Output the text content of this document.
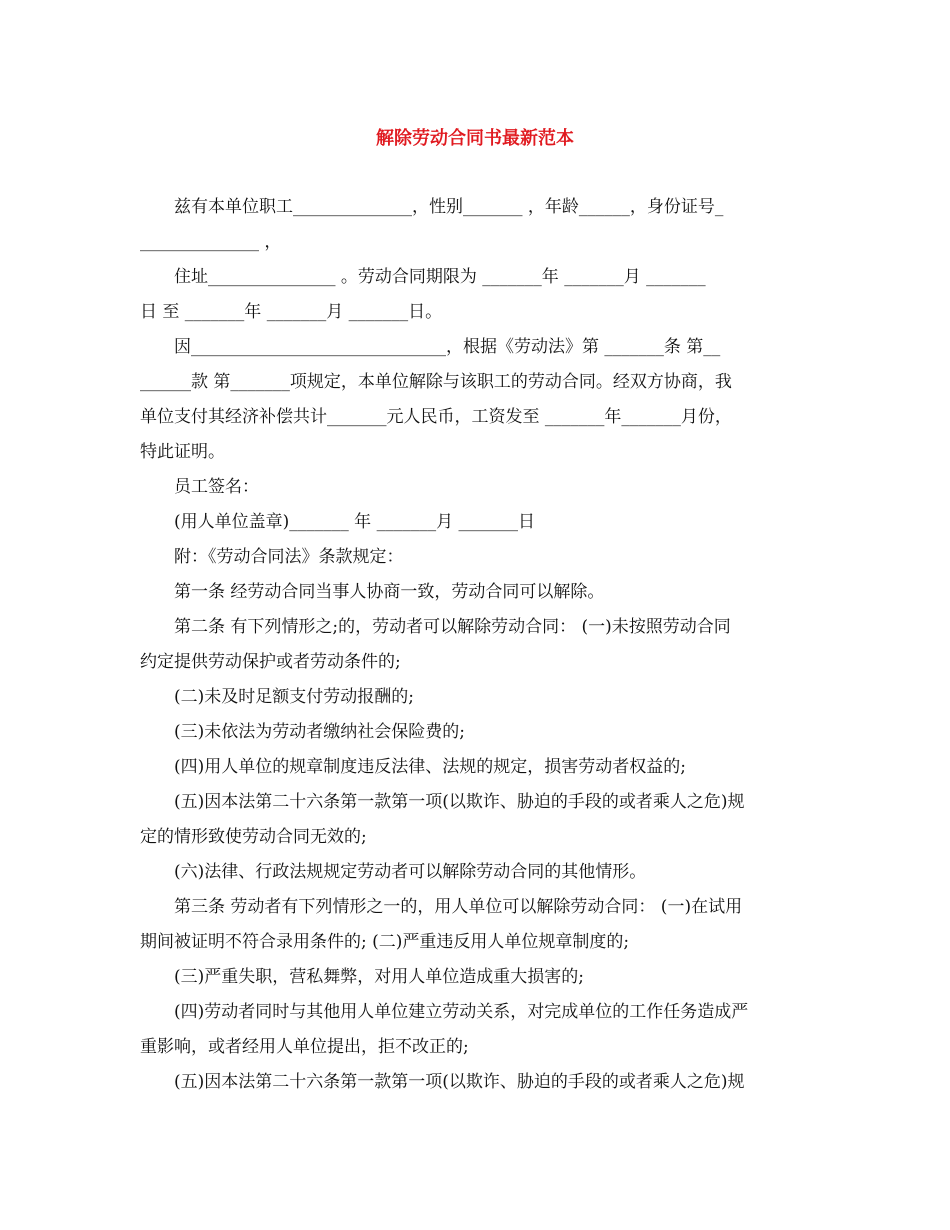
解除劳动合同书最新范本
兹有本单位职工______________，性别_______ ，年龄______，身份证号_
______________ ，
住址_______________ 。劳动合同期限为 _______年 _______月 _______
日 至 _______年 _______月 _______日。
因______________________________，根据《劳动法》第 _______条 第__
______款 第_______项规定，本单位解除与该职工的劳动合同。经双方协商，我
单位支付其经济补偿共计_______元人民币，工资发至 _______年_______月份，
特此证明。
员工签名：
(用人单位盖章)_______ 年 _______月 _______日
附：《劳动合同法》条款规定：
第一条 经劳动合同当事人协商一致，劳动合同可以解除。
第二条 有下列情形之;的，劳动者可以解除劳动合同： (一)未按照劳动合同
约定提供劳动保护或者劳动条件的;
(二)未及时足额支付劳动报酬的;
(三)未依法为劳动者缴纳社会保险费的;
(四)用人单位的规章制度违反法律、法规的规定，损害劳动者权益的;
(五)因本法第二十六条第一款第一项(以欺诈、胁迫的手段的或者乘人之危)规
定的情形致使劳动合同无效的;
(六)法律、行政法规规定劳动者可以解除劳动合同的其他情形。
第三条 劳动者有下列情形之一的，用人单位可以解除劳动合同： (一)在试用
期间被证明不符合录用条件的; (二)严重违反用人单位规章制度的;
(三)严重失职，营私舞弊，对用人单位造成重大损害的;
(四)劳动者同时与其他用人单位建立劳动关系，对完成单位的工作任务造成严
重影响，或者经用人单位提出，拒不改正的;
(五)因本法第二十六条第一款第一项(以欺诈、胁迫的手段的或者乘人之危)规
